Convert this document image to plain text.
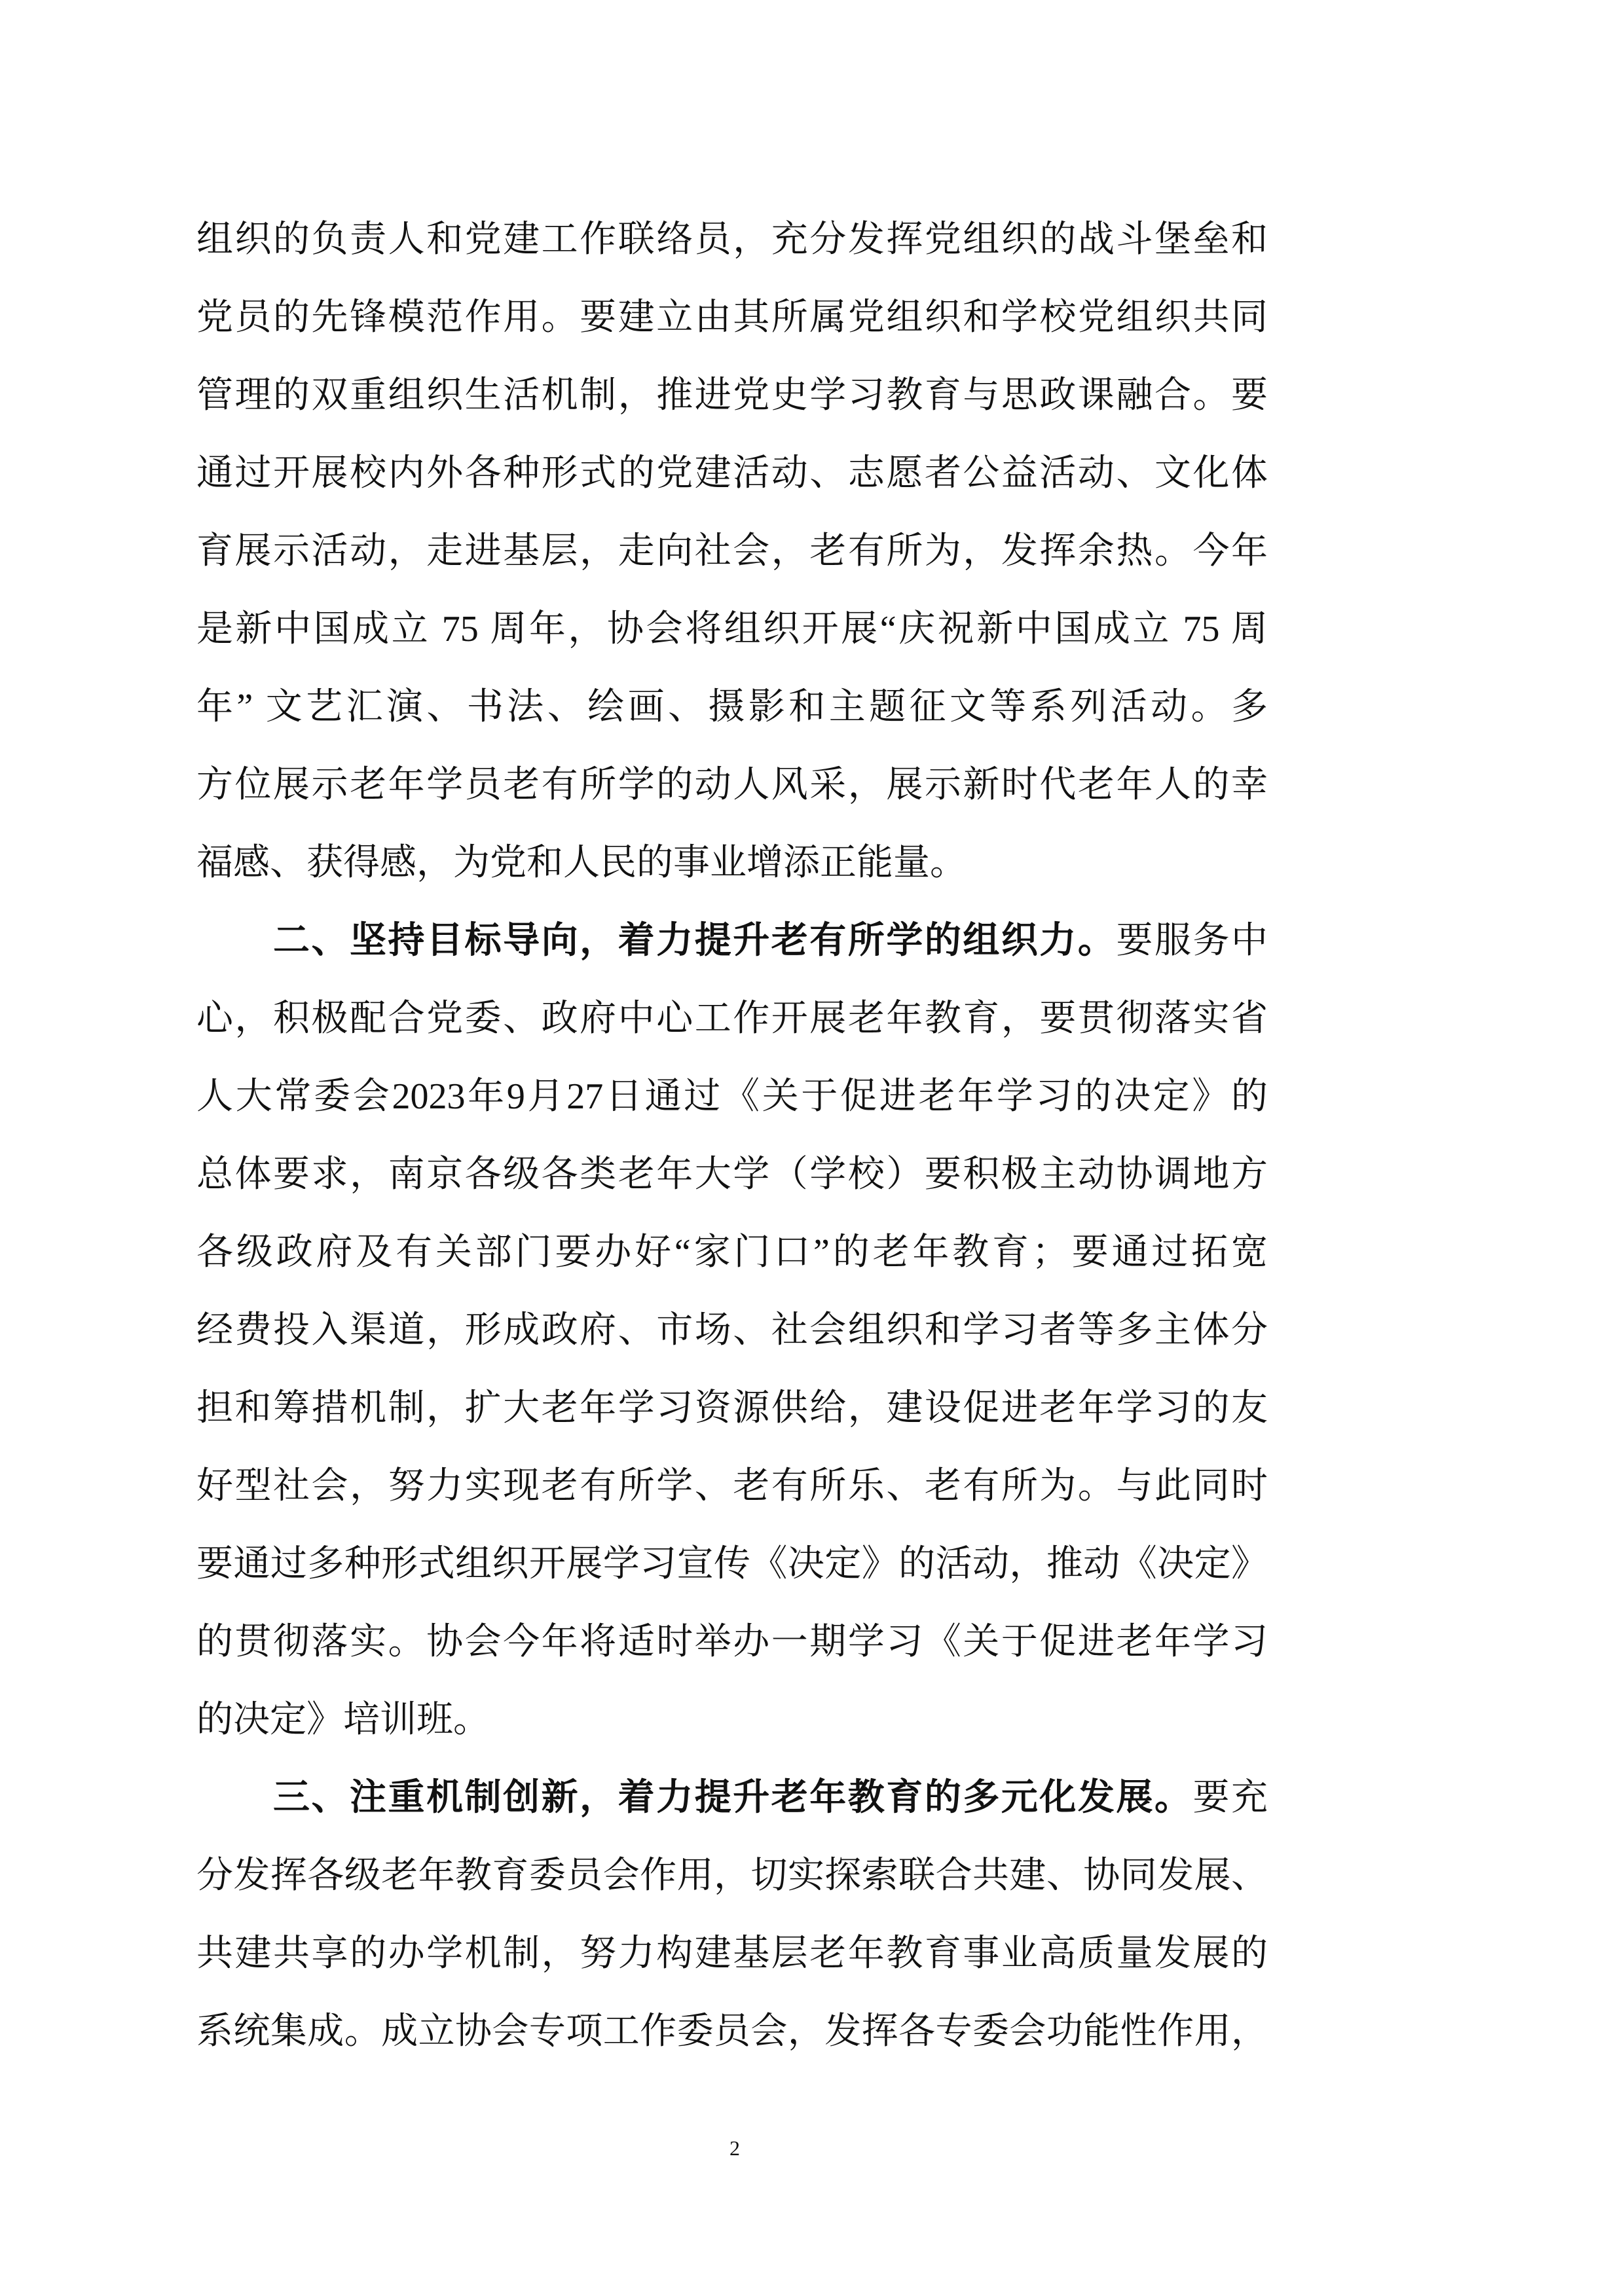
组织的负责人和党建工作联络员，充分发挥党组织的战斗堡垒和
党员的先锋模范作用。要建立由其所属党组织和学校党组织共同
管理的双重组织生活机制，推进党史学习教育与思政课融合。要
通过开展校内外各种形式的党建活动、志愿者公益活动、文化体
育展示活动，走进基层，走向社会，老有所为，发挥余热。今年
是新中国成立 75 周年，协会将组织开展“庆祝新中国成立 75 周
年” 文艺汇演、书法、绘画、摄影和主题征文等系列活动。多
方位展示老年学员老有所学的动人风采，展示新时代老年人的幸
福感、获得感，为党和人民的事业增添正能量。
二、坚持目标导向，着力提升老有所学的组织力。要服务中
心，积极配合党委、政府中心工作开展老年教育，要贯彻落实省
人大常委会2023年9月27日通过《关于促进老年学习的决定》的
总体要求，南京各级各类老年大学（学校）要积极主动协调地方
各级政府及有关部门要办好“家门口”的老年教育；要通过拓宽
经费投入渠道，形成政府、市场、社会组织和学习者等多主体分
担和筹措机制，扩大老年学习资源供给，建设促进老年学习的友
好型社会，努力实现老有所学、老有所乐、老有所为。与此同时
要通过多种形式组织开展学习宣传《决定》的活动，推动《决定》
的贯彻落实。协会今年将适时举办一期学习《关于促进老年学习
的决定》培训班。
三、注重机制创新，着力提升老年教育的多元化发展。要充
分发挥各级老年教育委员会作用，切实探索联合共建、协同发展、
共建共享的办学机制，努力构建基层老年教育事业高质量发展的
系统集成。成立协会专项工作委员会，发挥各专委会功能性作用，
2
